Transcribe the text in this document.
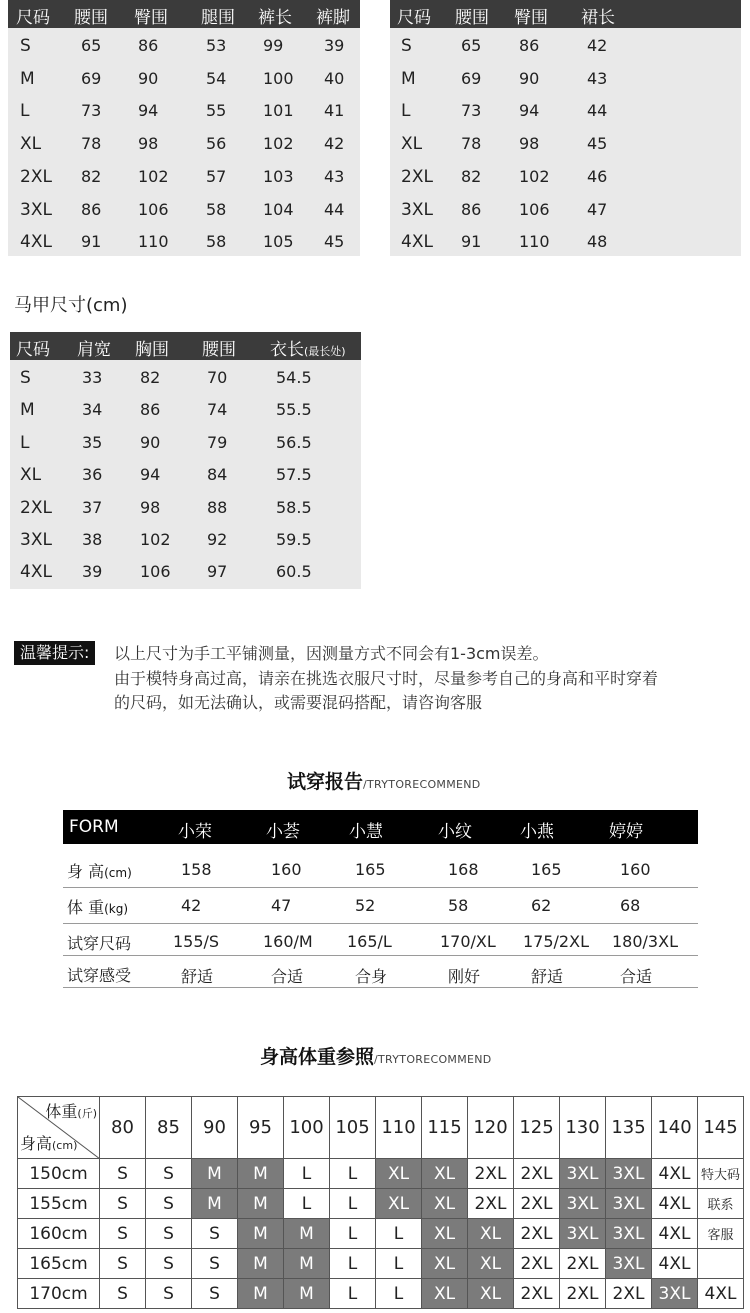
尺码 腰围 臀围 腿围 裤长 裤脚
S	65 86	53 99	39
M	69 90	54 100 40
L	73 94	55 101 41
XL 78 98	56 102 42
2XL 82 102 57 103 43
3XL 86 106 58 104 44
4XL 91 110 58 105 45
尺码 腰围 臀围 裙长
S	65 86	42
M	69 90	43
L	73 94	44
XL 78 98	45
2XL 82 102 46
3XL 86 106 47
4XL 91 110 48
马甲尺寸(cm)
尺码 肩宽 胸围 腰围 衣长(最长处)
S	33 82	70	54.5
M	34 86	74	55.5
L	35 90	79	56.5
XL	36 94	84	57.5
2XL 37 98	88	58.5
3XL 38 102 92	59.5
4XL 39 106 97	60.5
温馨提示:	以上尺寸为手工平铺测量，因测量方式不同会有1-3cm误差。
由于模特身高过高，请亲在挑选衣服尺寸时，尽量参考自己的身高和平时穿着
的尺码，如无法确认，或需要混码搭配，请咨询客服
试穿报告/TRYTORECOMMEND
FORM	小荣	小荟	小慧	小纹	小燕	婷婷
身 高(cm)	158	160	165	168	165	160
体 重(kg)	42	47	52	58	62	68
试穿尺码	155/S	160/M 165/L	170/XL 175/2XL 180/3XL
试穿感受	舒适	合适	合身	刚好	舒适	合适
身高体重参照/TRYTORECOMMEND
体重(斤)
身高(cm)	80	85	90	95	100	105	110	115	120	125	130	135	140	145
150cm	S	S	M	M	L	L	XL	XL	2XL	2XL	3XL	3XL	4XL	特大码
155cm	S	S	M	M	L	L	XL	XL	2XL	2XL	3XL	3XL	4XL	联系
160cm	S	S	S	M	M	L	L	XL	XL	2XL	3XL	3XL	4XL	客服
165cm	S	S	S	M	M	L	L	XL	XL	2XL	2XL	3XL	4XL	
170cm	S	S	S	M	M	L	L	XL	XL	2XL	2XL	2XL	3XL	4XL
